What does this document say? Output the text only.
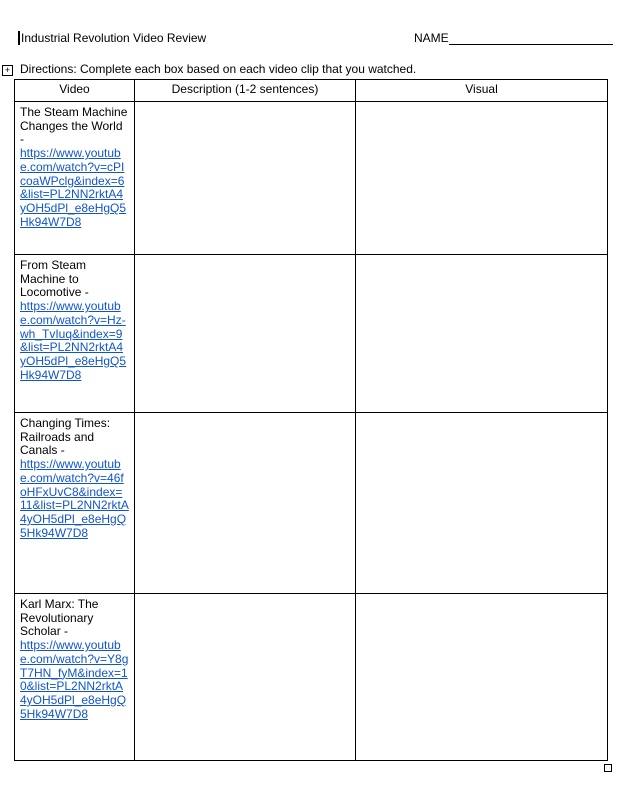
Industrial Revolution Video Review	NAME
+ Directions: Complete each box based on each video clip that you watched.
Video	Description (1-2 sentences)	Visual
The Steam Machine Changes the World -
https://www.youtube.com/watch?v=cPIcoaWPclg&index=6&list=PL2NN2rktA4yOH5dPl_e8eHgQ5Hk94W7D8		

From Steam Machine to Locomotive -
https://www.youtube.com/watch?v=Hz-wh_TvIuq&index=9&list=PL2NN2rktA4yOH5dPl_e8eHgQ5Hk94W7D8		

Changing Times: Railroads and Canals -
https://www.youtube.com/watch?v=46foHFxUvC8&index=11&list=PL2NN2rktA4yOH5dPl_e8eHgQ5Hk94W7D8		

Karl Marx: The Revolutionary Scholar -
https://www.youtube.com/watch?v=Y8gT7HN_fyM&index=10&list=PL2NN2rktA4yOH5dPl_e8eHgQ5Hk94W7D8		
